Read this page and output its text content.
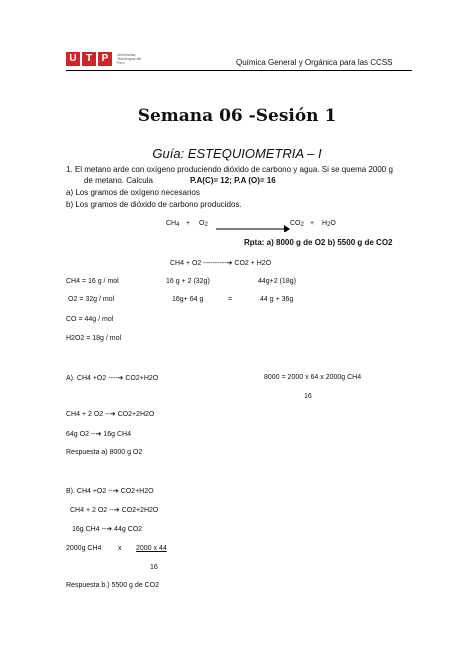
U T P	Universidad Tecnológica del Perú	Química General y Orgánica para las CCSS
Semana 06 -Sesión 1
Guía: ESTEQUIOMETRIA – I
1. El metano arde con oxígeno produciendo dióxido de carbono y agua. Si se quema 2000 g
de metano. Calcula	P.A(C)= 12; P.A (O)= 16
a) Los gramos de oxígeno necesarios
b) Los gramos de dióxido de carbono producidos.
$CH_4 + O_2$	$CO_2 + H_2O$
Rpta: a) 8000 g de O2 b) 5500 g de CO2
CH4 + O2 ----------➔ CO2 + H2O
CH4 = 16 g / mol	16 g + 2 (32g)	44g+2 (18g)
O2 = 32g / mol	16g+ 64 g	=	44 g + 36g
CO = 44g / mol
H2O2 = 18g / mol
A). CH4 +O2 ----➔ CO2+H2O	8000 = 2000 x 64 x 2000g CH4
16
CH4 + 2 O2 --➔ CO2+2H2O
64g O2 --➔ 16g CH4
Respuesta a) 8000 g O2
B). CH4 +O2 --➔ CO2+H2O
CH4 + 2 O2 --➔ CO2+2H2O
16g CH4 --➔ 44g CO2
2000g CH4 x 2000 x 44
16
Respuesta b.) 5500 g de CO2
